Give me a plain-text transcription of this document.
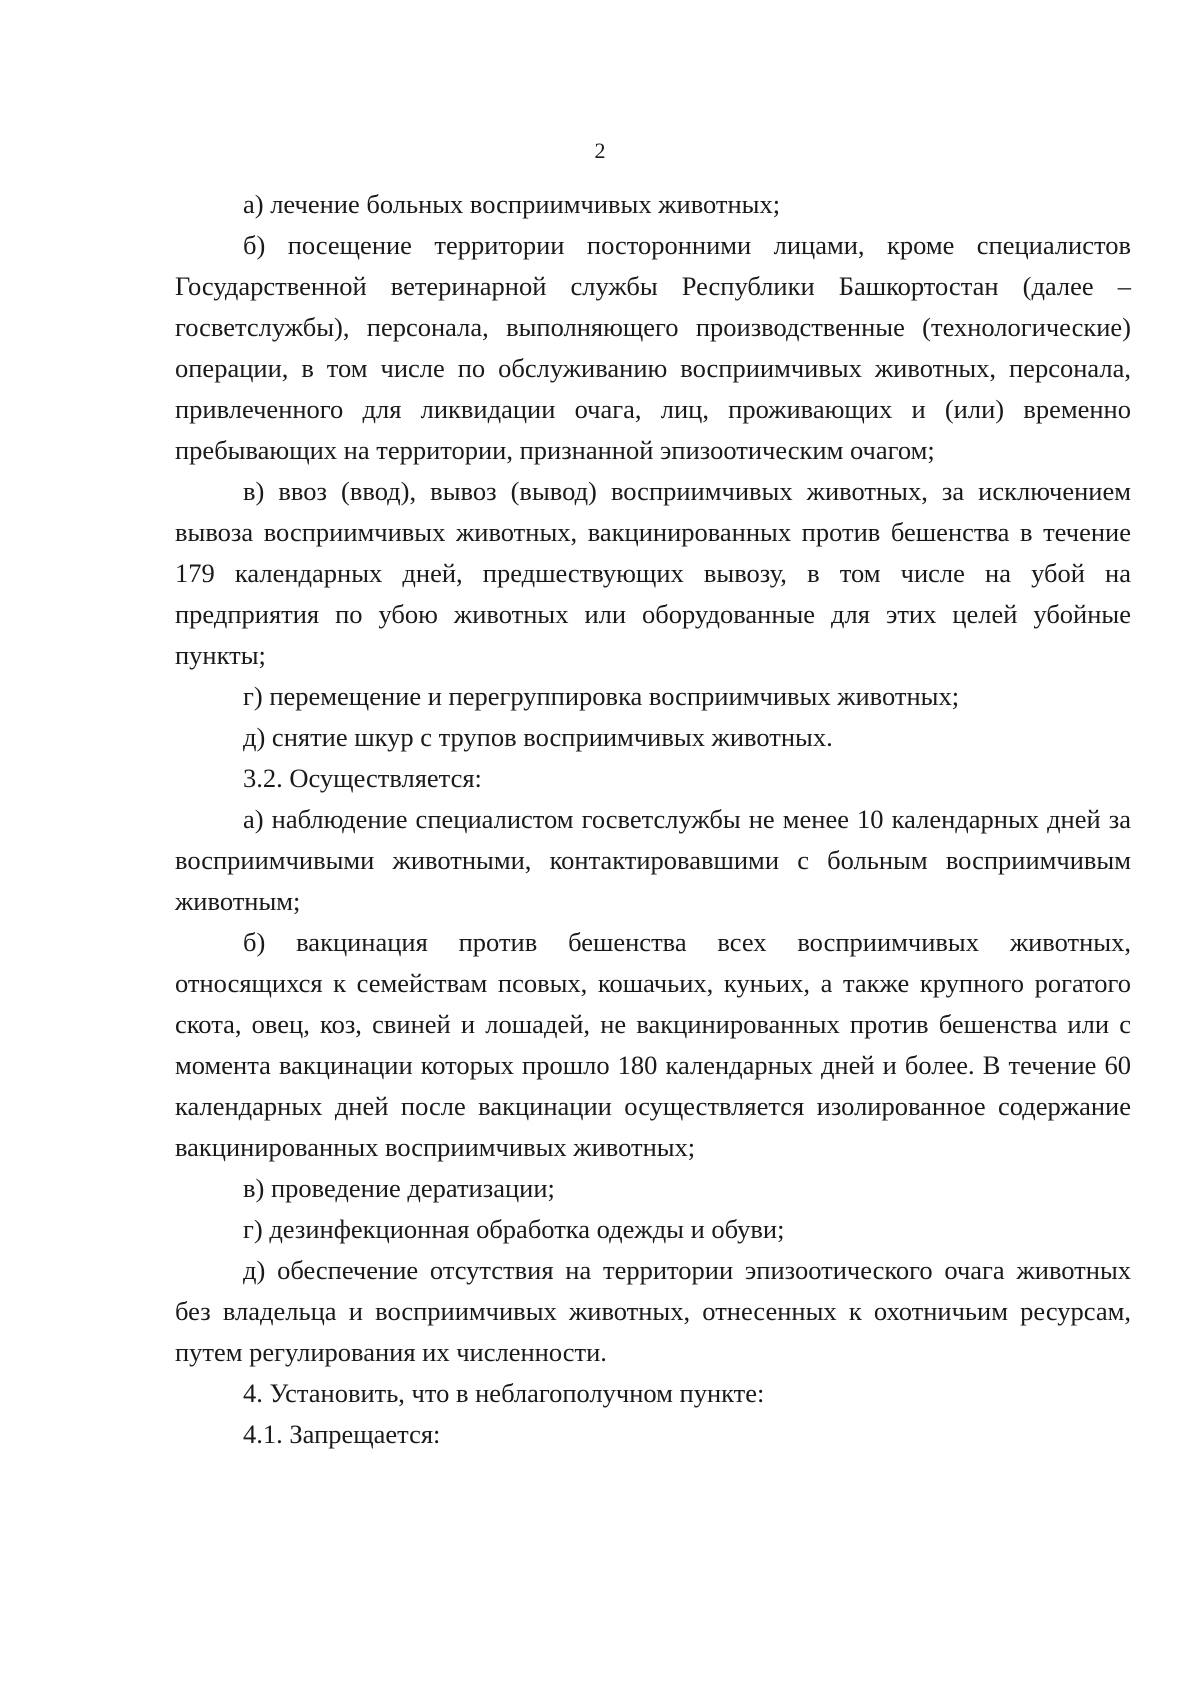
2

а) лечение больных восприимчивых животных;

б) посещение территории посторонними лицами, кроме специалистов Государственной ветеринарной службы Республики Башкортостан (далее – госветслужбы), персонала, выполняющего производственные (технологические) операции, в том числе по обслуживанию восприимчивых животных, персонала, привлеченного для ликвидации очага, лиц, проживающих и (или) временно пребывающих на территории, признанной эпизоотическим очагом;

в) ввоз (ввод), вывоз (вывод) восприимчивых животных, за исключением вывоза восприимчивых животных, вакцинированных против бешенства в течение 179 календарных дней, предшествующих вывозу, в том числе на убой на предприятия по убою животных или оборудованные для этих целей убойные пункты;

г) перемещение и перегруппировка восприимчивых животных;

д) снятие шкур с трупов восприимчивых животных.

3.2. Осуществляется:

а) наблюдение специалистом госветслужбы не менее 10 календарных дней за восприимчивыми животными, контактировавшими с больным восприимчивым животным;

б) вакцинация против бешенства всех восприимчивых животных, относящихся к семействам псовых, кошачьих, куньих, а также крупного рогатого скота, овец, коз, свиней и лошадей, не вакцинированных против бешенства или с момента вакцинации которых прошло 180 календарных дней и более. В течение 60 календарных дней после вакцинации осуществляется изолированное содержание вакцинированных восприимчивых животных;

в) проведение дератизации;

г) дезинфекционная обработка одежды и обуви;

д) обеспечение отсутствия на территории эпизоотического очага животных без владельца и восприимчивых животных, отнесенных к охотничьим ресурсам, путем регулирования их численности.

4. Установить, что в неблагополучном пункте:

4.1. Запрещается:
